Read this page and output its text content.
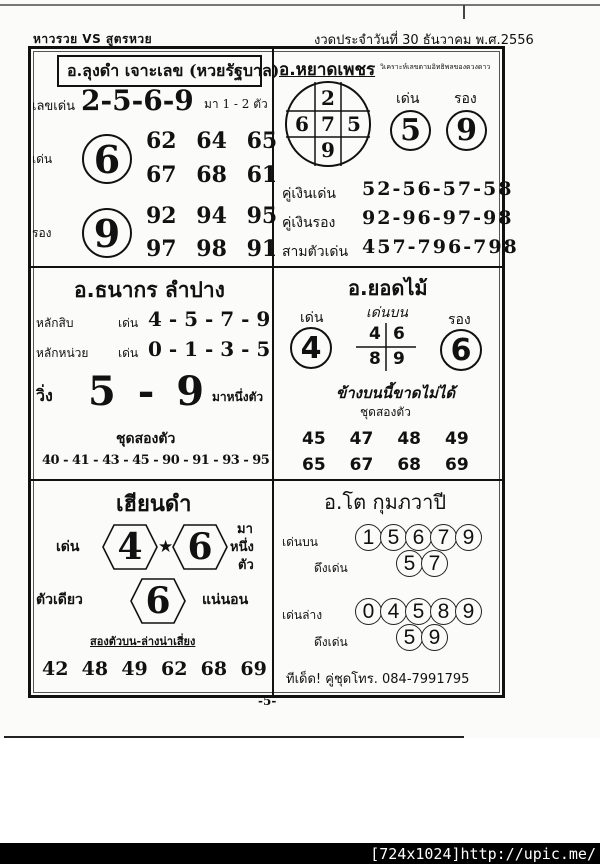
หาวรวย VS สูตรหวย	งวดประจำวันที่ 30 ธันวาคม พ.ศ.2556
อ.ลุงดำ เจาะเลข (หวยรัฐบาล)
เลขเด่น 2-5-6-9 มา 1 - 2 ตัว
เด่น	6	62 64 65
67 68 61
รอง	9	92 94 95
97 98 91
อ.หยาดเพชร วิเคราะห์เลขตามอิทธิพลของดวงดาว
2
6 7 5
9
เด่น
5
รอง
9
คู่เงินเด่น 52-56-57-58
คู่เงินรอง 92-96-97-98
สามตัวเด่น 457-796-798
อ.ธนากร ลำปาง
หลักสิบ	เด่น 4 - 5 - 7 - 9
หลักหน่วย เด่น 0 - 1 - 3 - 5
วิ่ง 5 - 9 มาหนึ่งตัว
ชุดสองตัว
40 - 41 - 43 - 45 - 90 - 91 - 93 - 95
อ.ยอดไม้
เด่น
4
เด่นบน
4 6
8 9
รอง
6
ข้างบนนี้ขาดไม่ได้
ชุดสองตัว
45 47 48 49
65 67 68 69
เฮียนดำ
เด่น	4 ★ 6	มา
หนึ่ง
ตัว
ตัวเดียว	6	แน่นอน
สองตัวบน-ล่างน่าเสี่ยง
42  48  49  62  68  69
อ.โต กุมภวาปี
เด่นบน	1 5 6 7 9
ดึงเด่น	5 7
เด่นล่าง	0 4 5 8 9
ดึงเด่น	5 9
ทีเด็ด! คู่ชุดโทร. 084-7991795
-5-
[724x1024]http://upic.me/
